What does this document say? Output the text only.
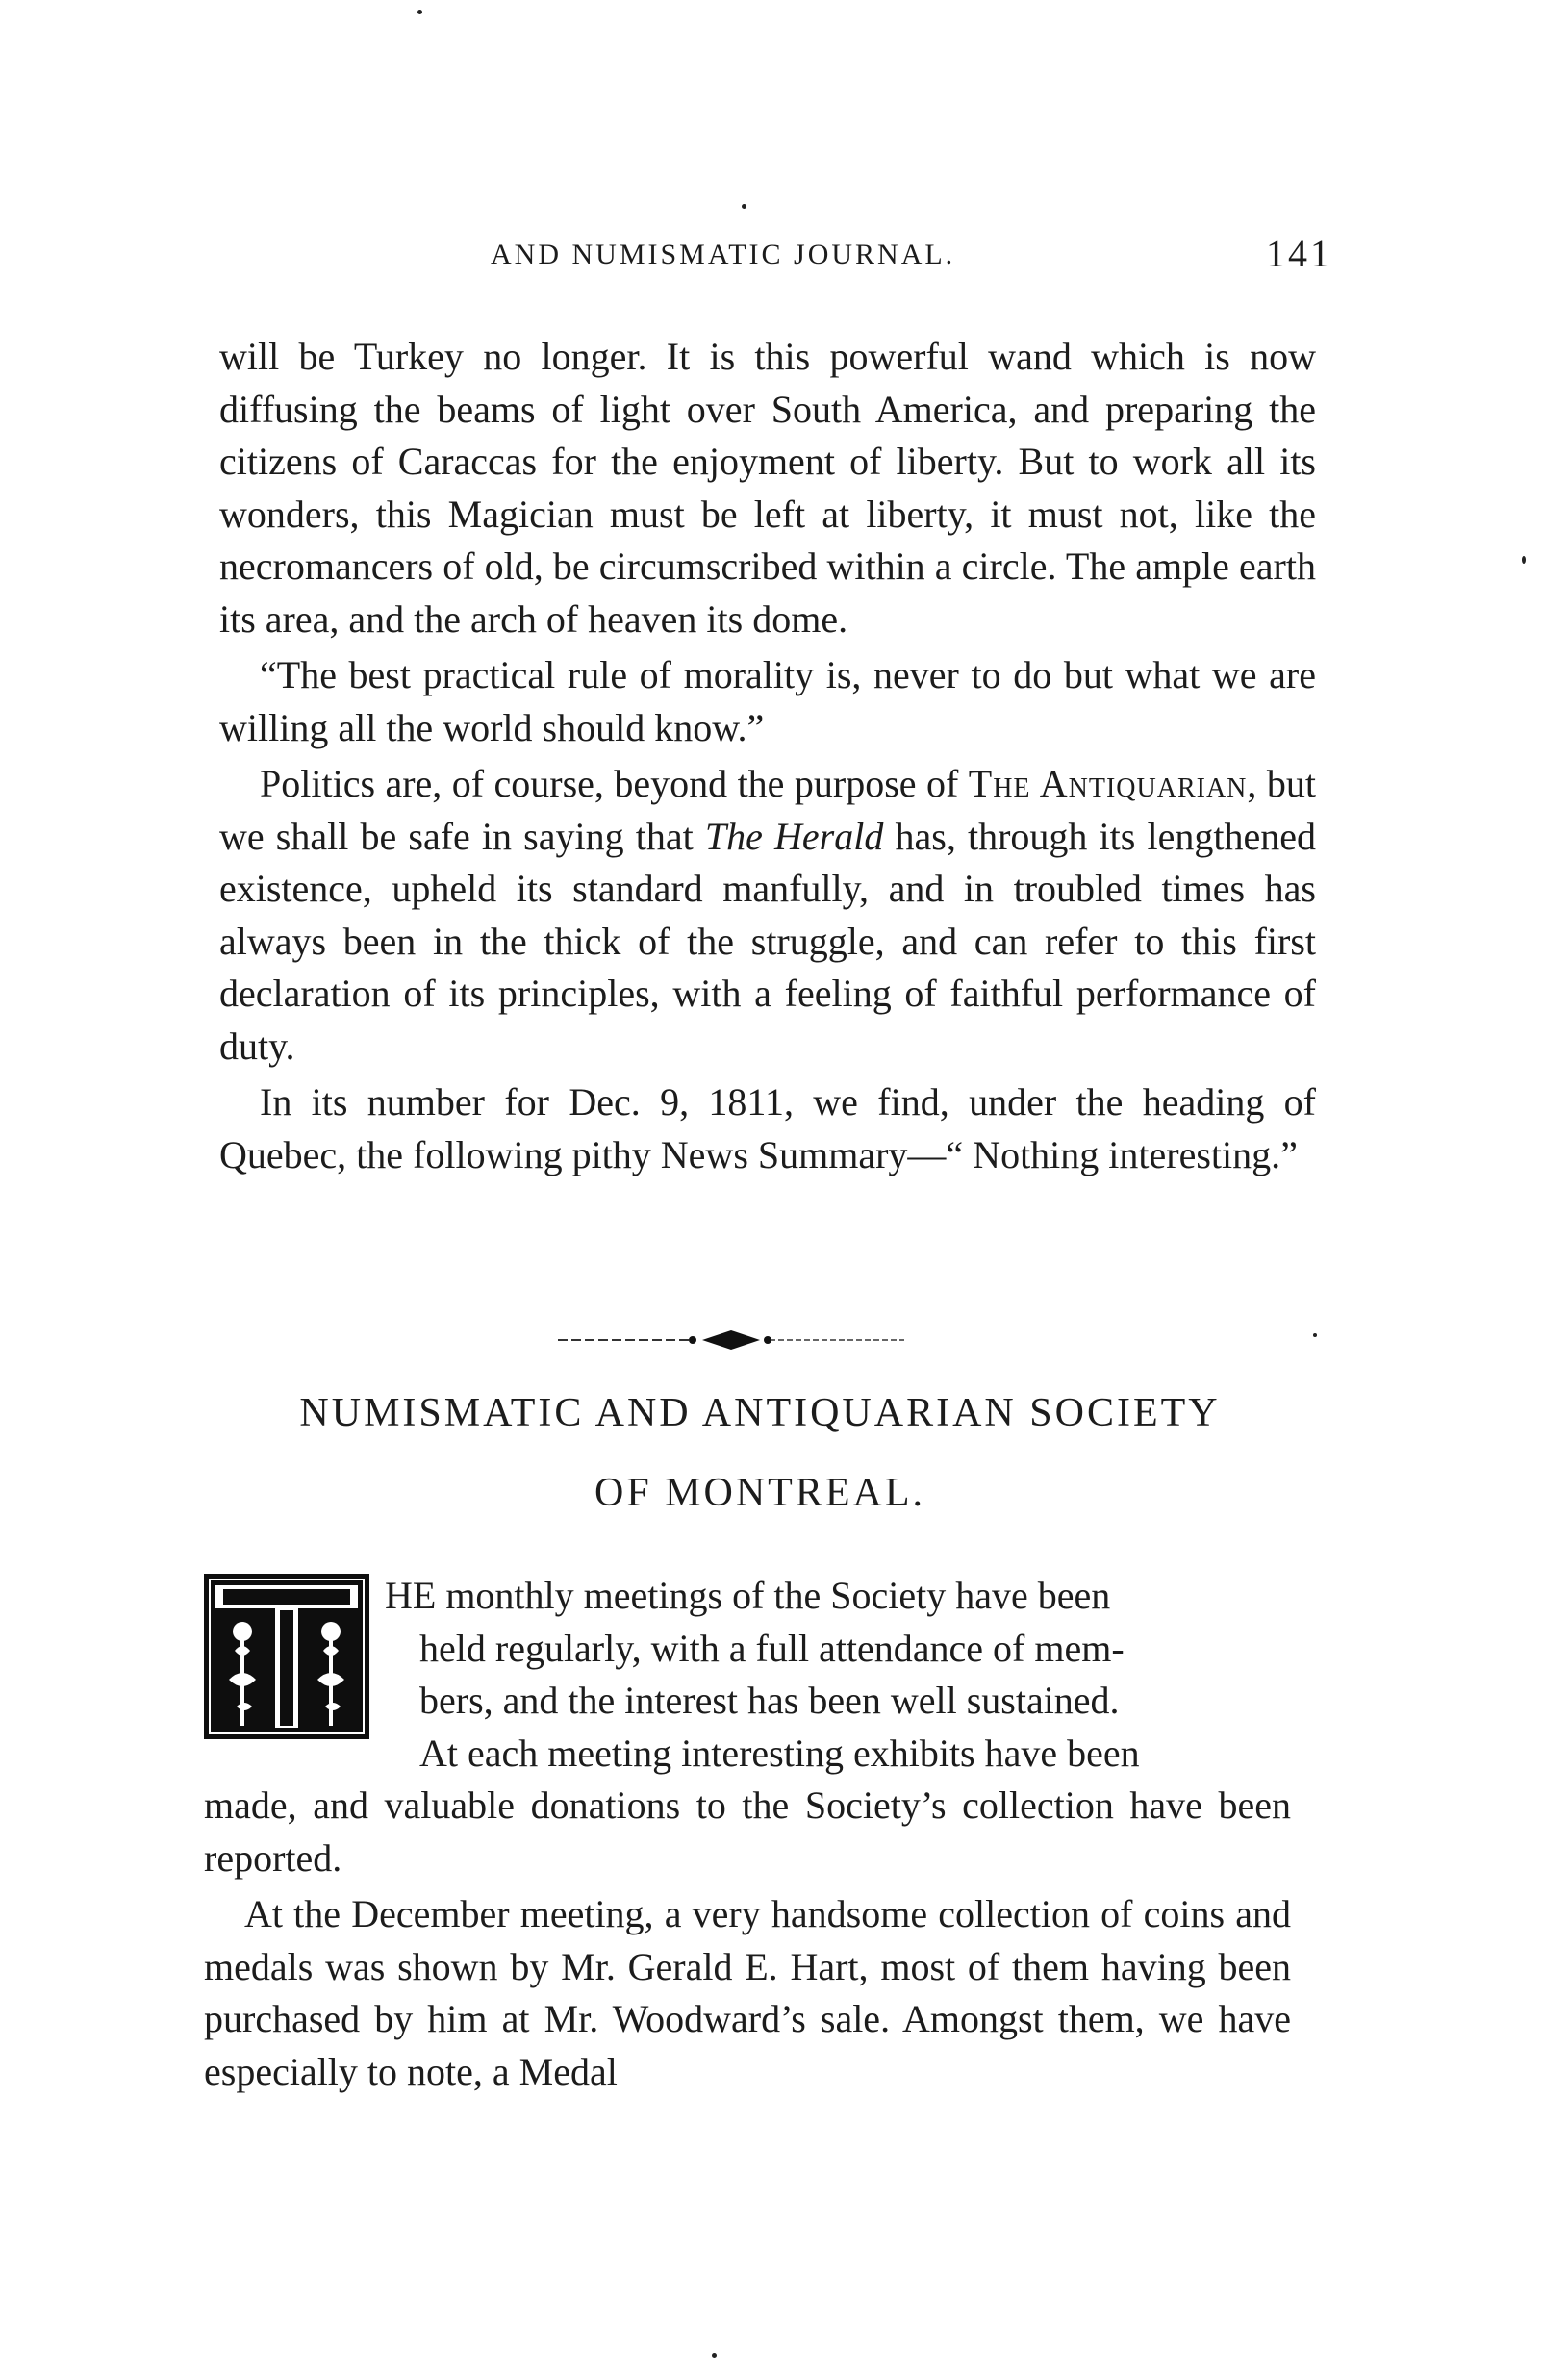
AND NUMISMATIC JOURNAL.	141

will be Turkey no longer. It is this powerful wand which is now diffusing the beams of light over South America, and preparing the citizens of Caraccas for the enjoyment of liberty. But to work all its wonders, this Magician must be left at liberty, it must not, like the necromancers of old, be circumscribed within a circle. The ample earth its area, and the arch of heaven its dome.

“The best practical rule of morality is, never to do but what we are willing all the world should know.”

Politics are, of course, beyond the purpose of The Antiquarian, but we shall be safe in saying that The Herald has, through its lengthened existence, upheld its standard manfully, and in troubled times has always been in the thick of the struggle, and can refer to this first declaration of its principles, with a feeling of faithful performance of duty.

In its number for Dec. 9, 1811, we find, under the heading of Quebec, the following pithy News Summary—“ Nothing interesting.”

NUMISMATIC AND ANTIQUARIAN SOCIETY
OF MONTREAL.
T
HE monthly meetings of the Society have been
held regularly, with a full attendance of mem-
bers, and the interest has been well sustained.
At each meeting interesting exhibits have been

made, and valuable donations to the Society’s collection have been reported.

At the December meeting, a very handsome collection of coins and medals was shown by Mr. Gerald E. Hart, most of them having been purchased by him at Mr. Woodward’s sale. Amongst them, we have especially to note, a Medal
